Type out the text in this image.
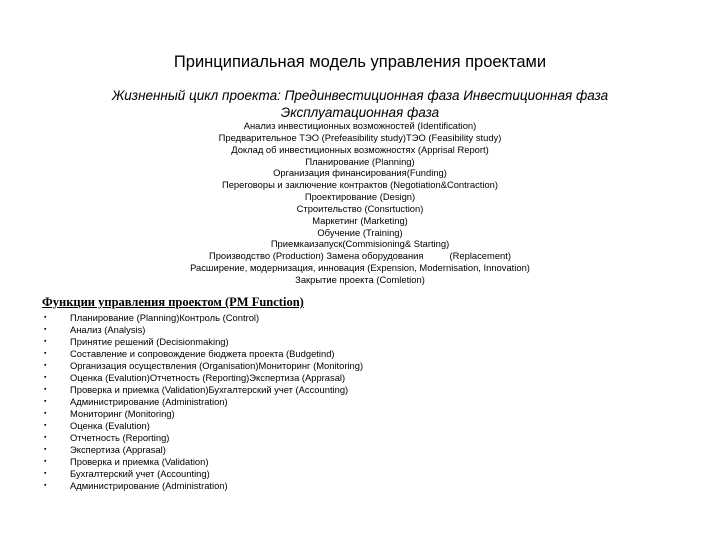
Принципиальная модель управления проектами
Жизненный цикл проекта: Прединвестиционная фаза Инвестиционная фаза
Эксплуатационная фаза
Анализ инвестиционных возможностей (Identification)
Предварительное ТЭО (Prefeasibility study)ТЭО (Feasibility study)
Доклад об инвестиционных возможностях (Apprisal Report)
Планирование (Planning)
Организация финансирования(Funding)
Переговоры и заключение контрактов (Negotiation&Contraction)
Проектирование (Design)
Строительство (Consrtuction)
Маркетинг (Marketing)
Обучение (Training)
Приемкаизапуск(Commisioning& Starting)
Производство (Production) Замена оборудования          (Replacement)
Расширение, модернизация, инновация (Expension, Modernisation, Innovation)
Закрытие проекта (Comletion)
Функции управления проектом (PM Function)
▪	Планирование (Planning)Контроль (Control)
▪	Анализ (Analysis)
▪	Принятие решений (Decisionmaking)
▪	Составление и сопровождение бюджета проекта (Budgetind)
▪	Организация осуществления (Organisation)Мониторинг (Monitoring)
▪	Оценка (Evalution)Отчетность (Reporting)Экспертиза (Apprasal)
▪	Проверка и приемка (Validation)Бухгалтерский учет (Accounting)
▪	Администрирование (Administration)
▪	Мониторинг (Monitoring)
▪	Оценка (Evalution)
▪	Отчетность (Reporting)
▪	Экспертиза (Apprasal)
▪	Проверка и приемка (Validation)
▪	Бухгалтерский учет (Accounting)
▪	Администрирование (Administration)
